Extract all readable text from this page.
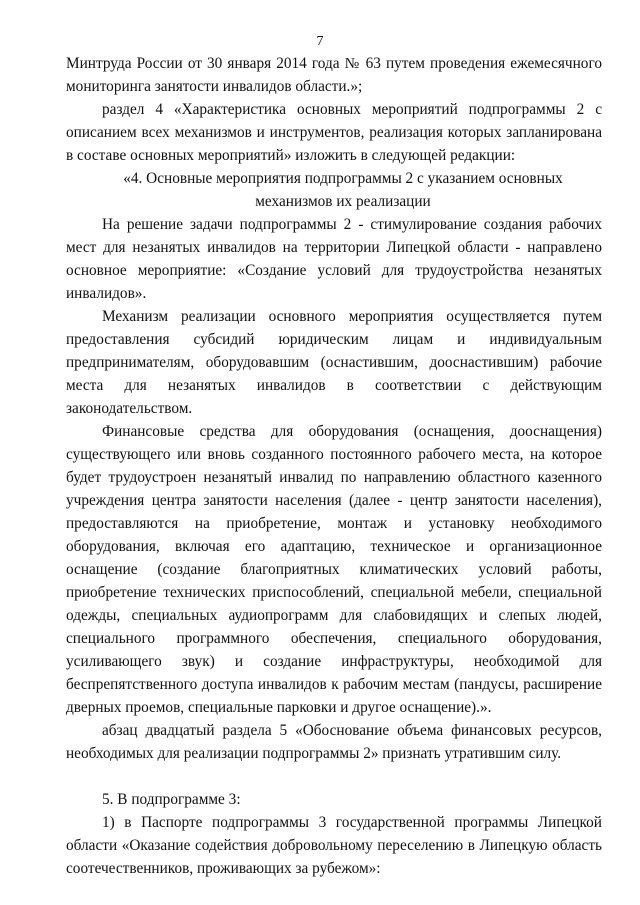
7

Минтруда России от 30 января 2014 года № 63 путем проведения ежемесячного мониторинга занятости инвалидов области.»;

раздел 4 «Характеристика основных мероприятий подпрограммы 2 с описанием всех механизмов и инструментов, реализация которых запланирована в составе основных мероприятий» изложить в следующей редакции:

«4. Основные мероприятия подпрограммы 2 с указанием основных механизмов их реализации

На решение задачи подпрограммы 2 - стимулирование создания рабочих мест для незанятых инвалидов на территории Липецкой области - направлено основное мероприятие: «Создание условий для трудоустройства незанятых инвалидов».

Механизм реализации основного мероприятия осуществляется путем предоставления субсидий юридическим лицам и индивидуальным предпринимателям, оборудовавшим (оснастившим, дооснастившим) рабочие места для незанятых инвалидов в соответствии с действующим законодательством.

Финансовые средства для оборудования (оснащения, дооснащения) существующего или вновь созданного постоянного рабочего места, на которое будет трудоустроен незанятый инвалид по направлению областного казенного учреждения центра занятости населения (далее - центр занятости населения), предоставляются на приобретение, монтаж и установку необходимого оборудования, включая его адаптацию, техническое и организационное оснащение (создание благоприятных климатических условий работы, приобретение технических приспособлений, специальной мебели, специальной одежды, специальных аудиопрограмм для слабовидящих и слепых людей, специального программного обеспечения, специального оборудования, усиливающего звук) и создание инфраструктуры, необходимой для беспрепятственного доступа инвалидов к рабочим местам (пандусы, расширение дверных проемов, специальные парковки и другое оснащение).».

абзац двадцатый раздела 5 «Обоснование объема финансовых ресурсов, необходимых для реализации подпрограммы 2» признать утратившим силу.

5. В подпрограмме 3:

1) в Паспорте подпрограммы 3 государственной программы Липецкой области «Оказание содействия добровольному переселению в Липецкую область соотечественников, проживающих за рубежом»:
